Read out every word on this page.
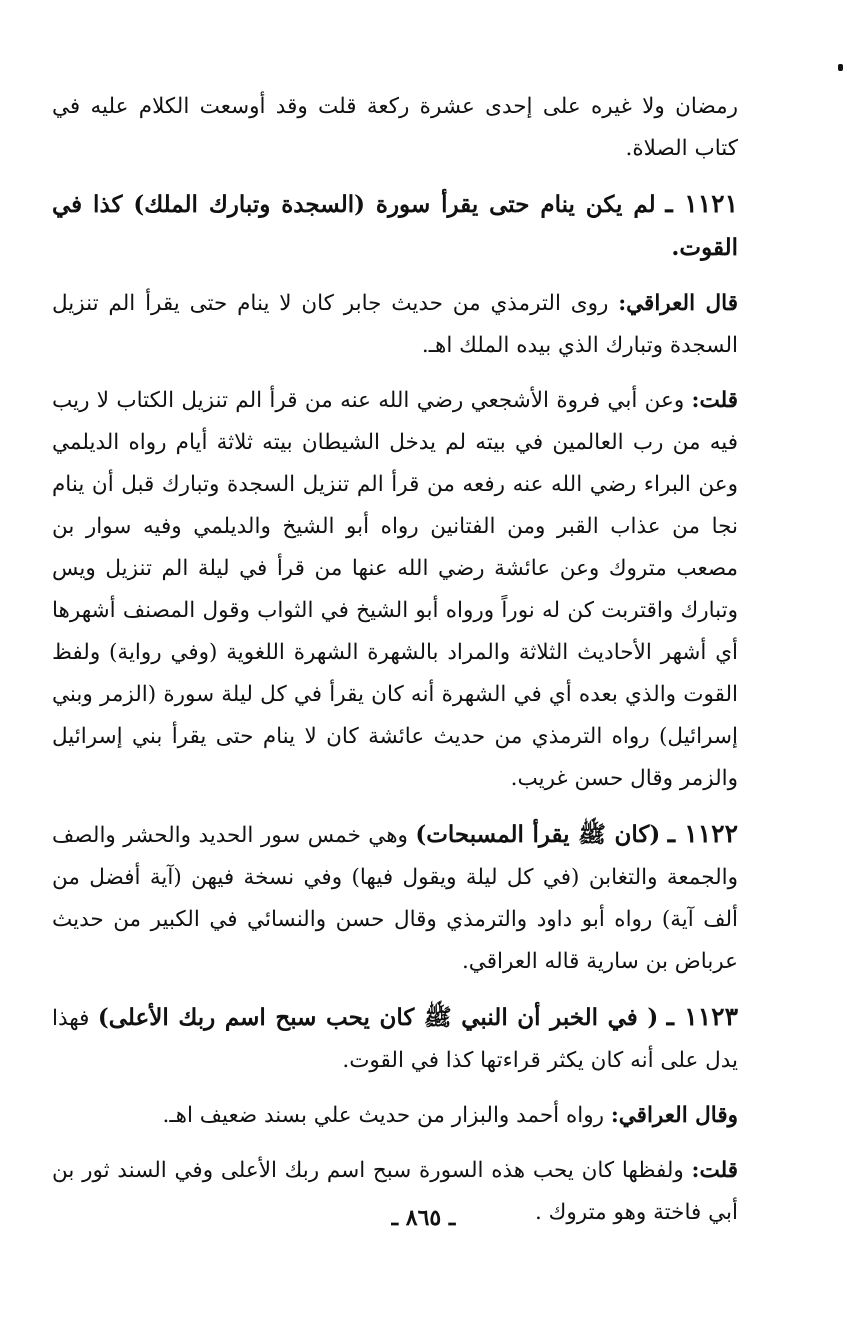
رمضان ولا غيره على إحدى عشرة ركعة قلت وقد أوسعت الكلام عليه في كتاب الصلاة.

١١٢١ ـ لم يكن ينام حتى يقرأ سورة (السجدة وتبارك الملك) كذا في القوت.

قال العراقي: روى الترمذي من حديث جابر كان لا ينام حتى يقرأ الم تنزيل السجدة وتبارك الذي بيده الملك اهـ.

قلت: وعن أبي فروة الأشجعي رضي الله عنه من قرأ الم تنزيل الكتاب لا ريب فيه من رب العالمين في بيته لم يدخل الشيطان بيته ثلاثة أيام رواه الديلمي وعن البراء رضي الله عنه رفعه من قرأ الم تنزيل السجدة وتبارك قبل أن ينام نجا من عذاب القبر ومن الفتانين رواه أبو الشيخ والديلمي وفيه سوار بن مصعب متروك وعن عائشة رضي الله عنها من قرأ في ليلة الم تنزيل ويس وتبارك واقتربت كن له نوراً ورواه أبو الشيخ في الثواب وقول المصنف أشهرها أي أشهر الأحاديث الثلاثة والمراد بالشهرة الشهرة اللغوية (وفي رواية) ولفظ القوت والذي بعده أي في الشهرة أنه كان يقرأ في كل ليلة سورة (الزمر وبني إسرائيل) رواه الترمذي من حديث عائشة كان لا ينام حتى يقرأ بني إسرائيل والزمر وقال حسن غريب.

١١٢٢ ـ (كان ﷺ يقرأ المسبحات) وهي خمس سور الحديد والحشر والصف والجمعة والتغابن (في كل ليلة ويقول فيها) وفي نسخة فيهن (آية أفضل من ألف آية) رواه أبو داود والترمذي وقال حسن والنسائي في الكبير من حديث عرباض بن سارية قاله العراقي.

١١٢٣ ـ ( في الخبر أن النبي ﷺ كان يحب سبح اسم ربك الأعلى) فهذا يدل على أنه كان يكثر قراءتها كذا في القوت.

وقال العراقي: رواه أحمد والبزار من حديث علي بسند ضعيف اهـ.

قلت: ولفظها كان يحب هذه السورة سبح اسم ربك الأعلى وفي السند ثور بن أبي فاختة وهو متروك .

ـ ٨٦٥ ـ
